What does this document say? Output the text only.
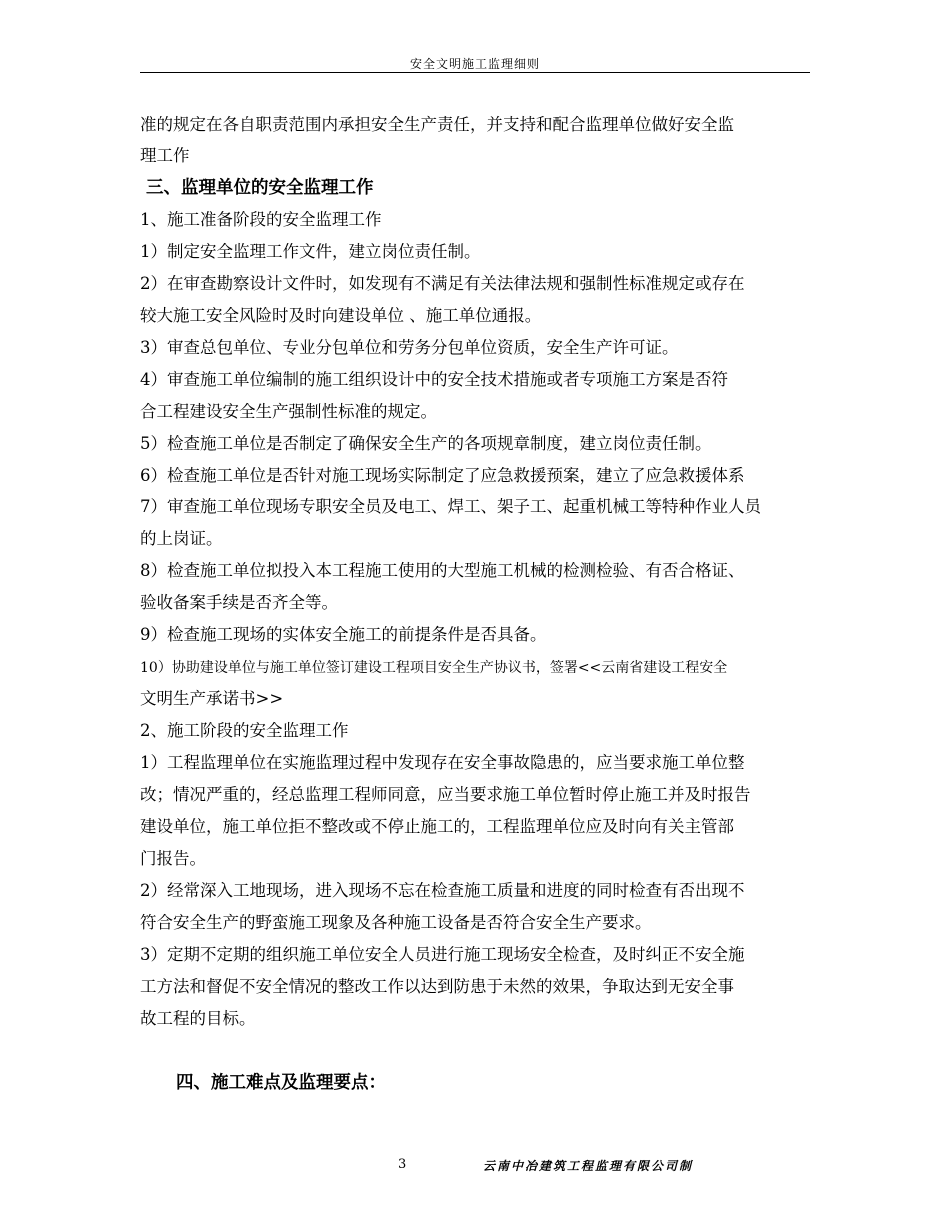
安全文明施工监理细则
准的规定在各自职责范围内承担安全生产责任，并支持和配合监理单位做好安全监
理工作
三、监理单位的安全监理工作
1、施工准备阶段的安全监理工作
1）制定安全监理工作文件，建立岗位责任制。
2）在审查勘察设计文件时，如发现有不满足有关法律法规和强制性标准规定或存在
较大施工安全风险时及时向建设单位 、施工单位通报。
3）审查总包单位、专业分包单位和劳务分包单位资质，安全生产许可证。
4）审查施工单位编制的施工组织设计中的安全技术措施或者专项施工方案是否符
合工程建设安全生产强制性标准的规定。
5）检查施工单位是否制定了确保安全生产的各项规章制度，建立岗位责任制。
6）检查施工单位是否针对施工现场实际制定了应急救援预案，建立了应急救援体系
7）审查施工单位现场专职安全员及电工、焊工、架子工、起重机械工等特种作业人员
的上岗证。
8）检查施工单位拟投入本工程施工使用的大型施工机械的检测检验、有否合格证、
验收备案手续是否齐全等。
9）检查施工现场的实体安全施工的前提条件是否具备。
10）协助建设单位与施工单位签订建设工程项目安全生产协议书，签署<<云南省建设工程安全
文明生产承诺书>>
2、施工阶段的安全监理工作
1）工程监理单位在实施监理过程中发现存在安全事故隐患的，应当要求施工单位整
改；情况严重的，经总监理工程师同意，应当要求施工单位暂时停止施工并及时报告
建设单位，施工单位拒不整改或不停止施工的，工程监理单位应及时向有关主管部
门报告。
2）经常深入工地现场，进入现场不忘在检查施工质量和进度的同时检查有否出现不
符合安全生产的野蛮施工现象及各种施工设备是否符合安全生产要求。
3）定期不定期的组织施工单位安全人员进行施工现场安全检查，及时纠正不安全施
工方法和督促不安全情况的整改工作以达到防患于未然的效果，争取达到无安全事
故工程的目标。
四、施工难点及监理要点：
3	云南中冶建筑工程监理有限公司制
